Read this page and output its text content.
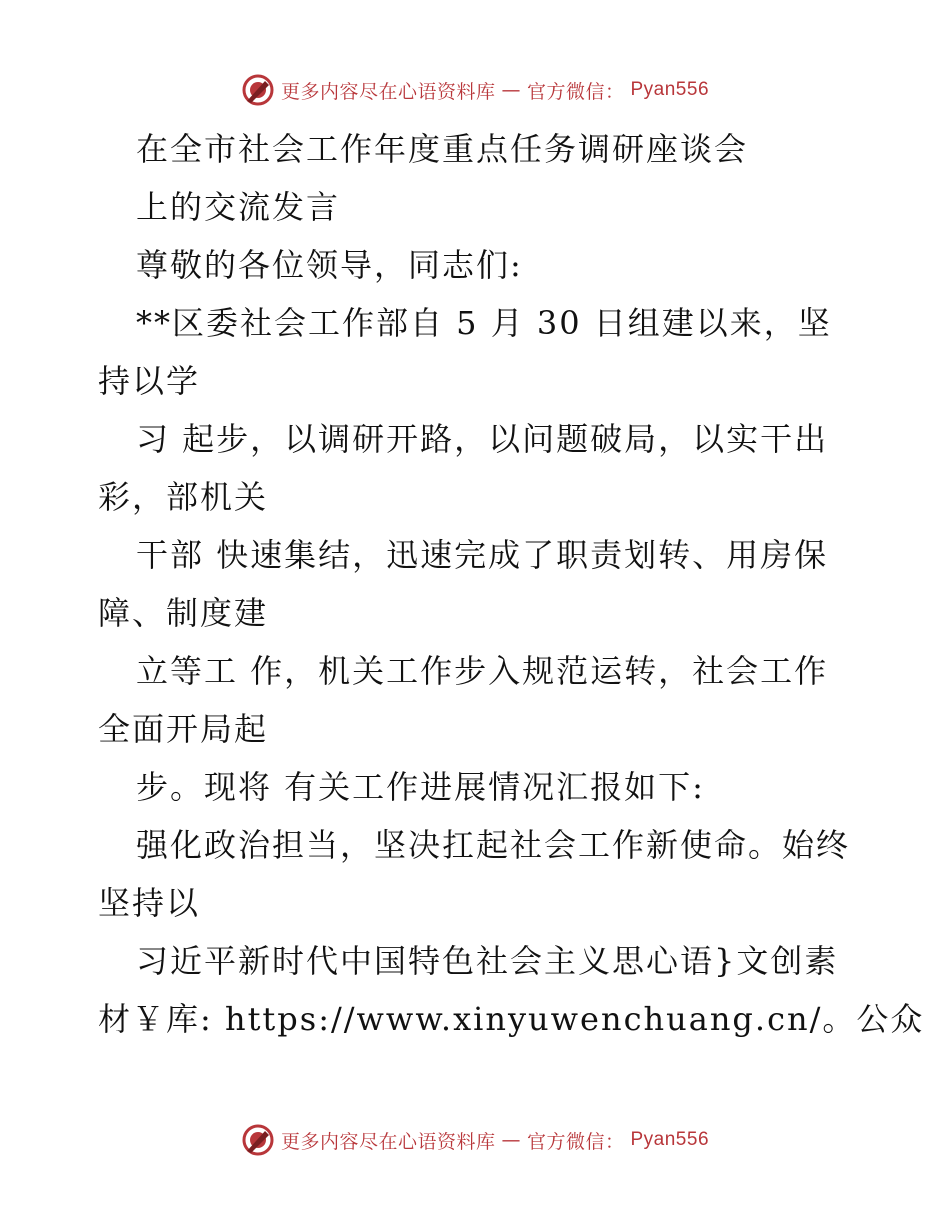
更多内容尽在心语资料库 — 官方微信： Pyan556
在全市社会工作年度重点任务调研座谈会
上的交流发言
尊敬的各位领导，同志们:
**区委社会工作部自 5 月 30 日组建以来，坚
持以学
习 起步，以调研开路，以问题破局，以实干出
彩，部机关
干部 快速集结，迅速完成了职责划转、用房保
障、制度建
立等工 作，机关工作步入规范运转，社会工作
全面开局起
步。现将 有关工作进展情况汇报如下:
强化政治担当，坚决扛起社会工作新使命。始终
坚持以
习近平新时代中国特色社会主义思心语}文创素
材￥库: https://www.xinyuwenchuang.cn/。公众
更多内容尽在心语资料库 — 官方微信： Pyan556
